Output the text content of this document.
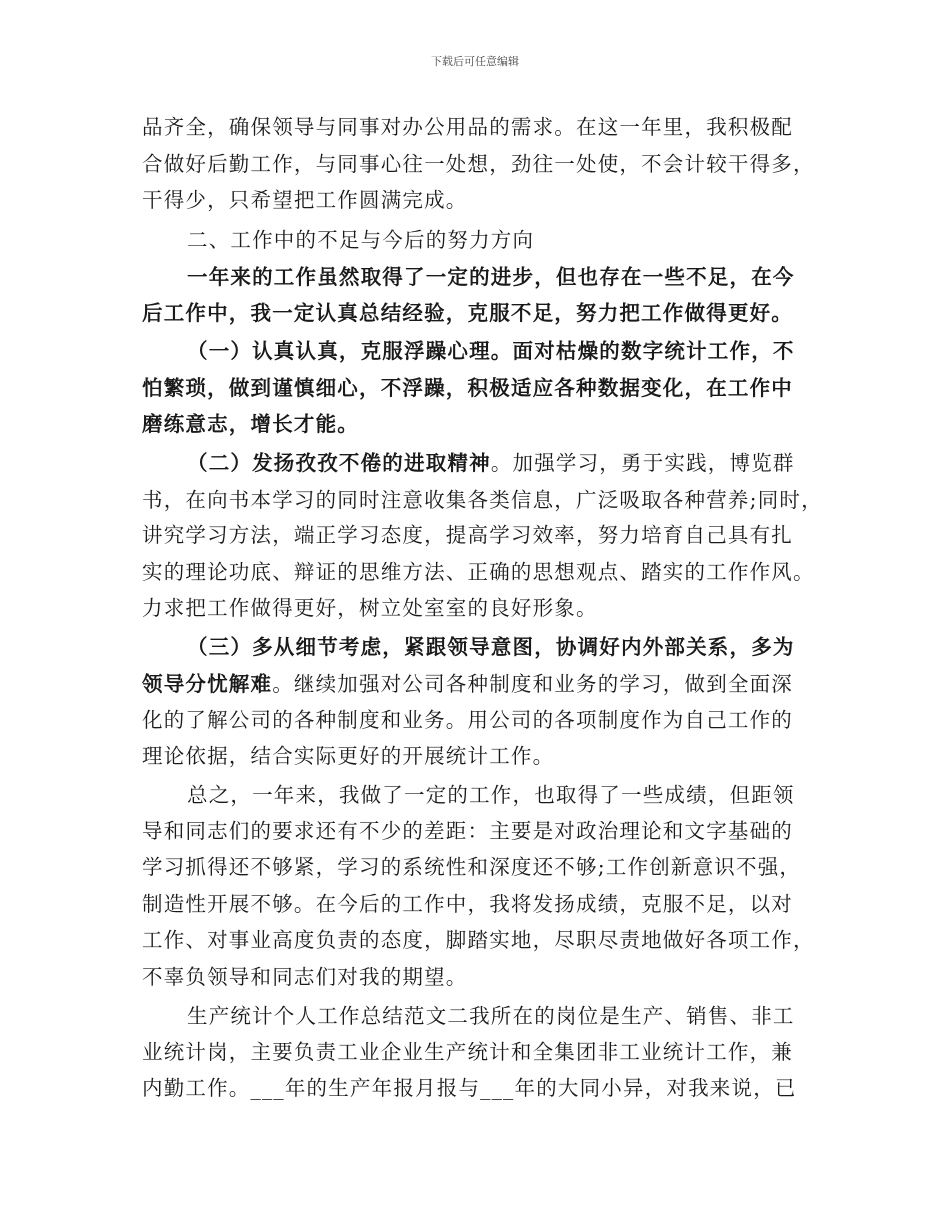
下载后可任意编辑
品齐全，确保领导与同事对办公用品的需求。在这一年里，我积极配
合做好后勤工作，与同事心往一处想，劲往一处使，不会计较干得多，
干得少，只希望把工作圆满完成。
二、工作中的不足与今后的努力方向
一年来的工作虽然取得了一定的进步，但也存在一些不足，在今
后工作中，我一定认真总结经验，克服不足，努力把工作做得更好。
（一）认真认真，克服浮躁心理。面对枯燥的数字统计工作，不
怕繁琐，做到谨慎细心，不浮躁，积极适应各种数据变化，在工作中
磨练意志，增长才能。
（二）发扬孜孜不倦的进取精神。加强学习，勇于实践，博览群
书，在向书本学习的同时注意收集各类信息，广泛吸取各种营养;同时，
讲究学习方法，端正学习态度，提高学习效率，努力培育自己具有扎
实的理论功底、辩证的思维方法、正确的思想观点、踏实的工作作风。
力求把工作做得更好，树立处室室的良好形象。
（三）多从细节考虑，紧跟领导意图，协调好内外部关系，多为
领导分忧解难。继续加强对公司各种制度和业务的学习，做到全面深
化的了解公司的各种制度和业务。用公司的各项制度作为自己工作的
理论依据，结合实际更好的开展统计工作。
总之，一年来，我做了一定的工作，也取得了一些成绩，但距领
导和同志们的要求还有不少的差距：主要是对政治理论和文字基础的
学习抓得还不够紧，学习的系统性和深度还不够;工作创新意识不强，
制造性开展不够。在今后的工作中，我将发扬成绩，克服不足，以对
工作、对事业高度负责的态度，脚踏实地，尽职尽责地做好各项工作，
不辜负领导和同志们对我的期望。
生产统计个人工作总结范文二我所在的岗位是生产、销售、非工
业统计岗，主要负责工业企业生产统计和全集团非工业统计工作，兼
内勤工作。___年的生产年报月报与___年的大同小异，对我来说，已
